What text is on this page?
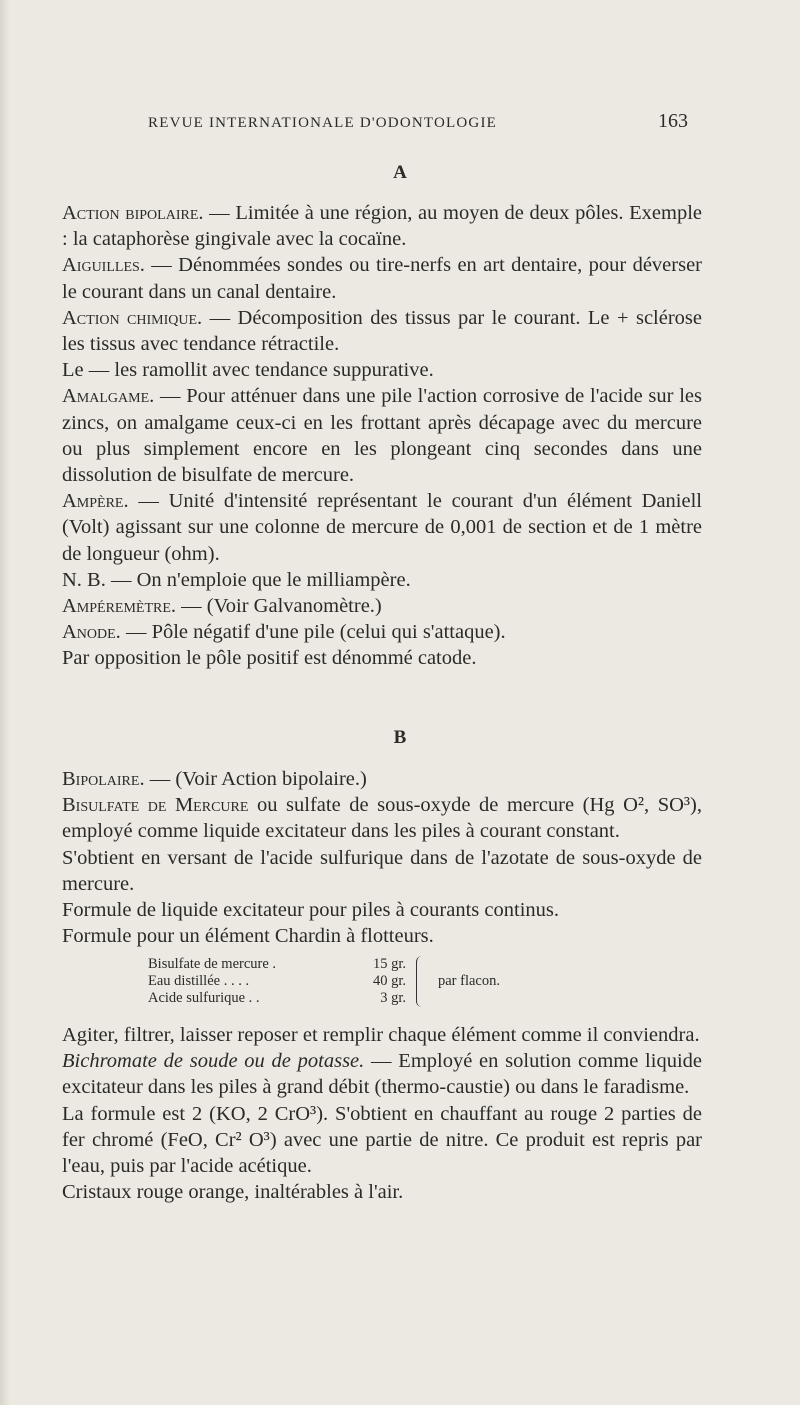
REVUE INTERNATIONALE D'ODONTOLOGIE	163
A

Action bipolaire. — Limitée à une région, au moyen de deux pôles. Exemple : la cataphorèse gingivale avec la cocaïne.

Aiguilles. — Dénommées sondes ou tire-nerfs en art dentaire, pour déverser le courant dans un canal dentaire.

Action chimique. — Décomposition des tissus par le courant. Le + sclérose les tissus avec tendance rétractile.

Le — les ramollit avec tendance suppurative.

Amalgame. — Pour atténuer dans une pile l'action corrosive de l'acide sur les zincs, on amalgame ceux-ci en les frottant après décapage avec du mercure ou plus simplement encore en les plongeant cinq secondes dans une dissolution de bisulfate de mercure.

Ampère. — Unité d'intensité représentant le courant d'un élément Daniell (Volt) agissant sur une colonne de mercure de 0,001 de section et de 1 mètre de longueur (ohm).

N. B. — On n'emploie que le milliampère.

Ampéremètre. — (Voir Galvanomètre.)

Anode. — Pôle négatif d'une pile (celui qui s'attaque).

Par opposition le pôle positif est dénommé catode.

B

Bipolaire. — (Voir Action bipolaire.)

Bisulfate de Mercure ou sulfate de sous-oxyde de mercure (Hg O², SO³), employé comme liquide excitateur dans les piles à courant constant.

S'obtient en versant de l'acide sulfurique dans de l'azotate de sous-oxyde de mercure.

Formule de liquide excitateur pour piles à courants continus.

Formule pour un élément Chardin à flotteurs.

Bisulfate de mercure .	15 gr.
Eau distillée . . . .	40 gr.
Acide sulfurique . .	3 gr.
par flacon.

Agiter, filtrer, laisser reposer et remplir chaque élément comme il conviendra.

Bichromate de soude ou de potasse. — Employé en solution comme liquide excitateur dans les piles à grand débit (thermo-caustie) ou dans le faradisme.

La formule est 2 (KO, 2 CrO³). S'obtient en chauffant au rouge 2 parties de fer chromé (FeO, Cr² O³) avec une partie de nitre. Ce produit est repris par l'eau, puis par l'acide acétique.

Cristaux rouge orange, inaltérables à l'air.
